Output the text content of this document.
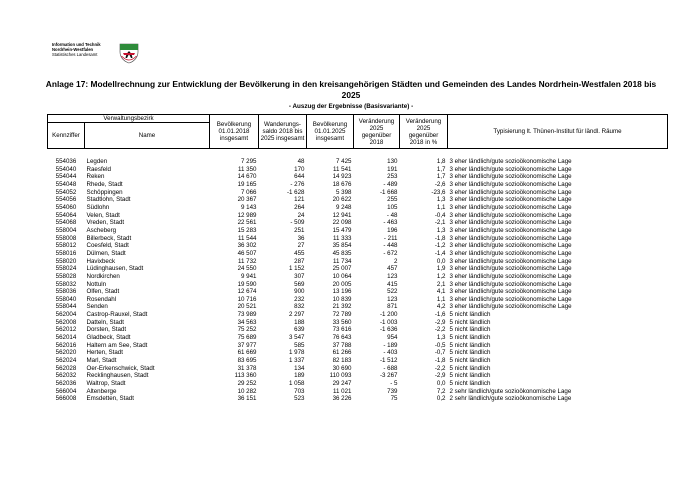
Information und Technik
Nordrhein-Westfalen
Statistisches Landesamt
Anlage 17: Modellrechnung zur Entwicklung der Bevölkerung in den kreisangehörigen Städten und Gemeinden des Landes Nordrhein-Westfalen 2018 bis 2025
- Auszug der Ergebnisse (Basisvariante) -
Verwaltungsbezirk		Bevölkerung 01.01.2018 insgesamt	Wanderungs- saldo 2018 bis 2025 insgesamt	Bevölkerung 01.01.2025 insgesamt	Veränderung 2025 gegenüber 2018	Veränderung 2025 gegenüber 2018 in %	Typisierung lt. Thünen-Institut für ländl. Räume
Kennziffer	Name						

554036	Legden	7 295	48	7 425	130	1,8	3 eher ländlich/gute sozioökonomische Lage
554040	Raesfeld	11 350	170	11 541	191	1,7	3 eher ländlich/gute sozioökonomische Lage
554044	Reken	14 670	644	14 923	253	1,7	3 eher ländlich/gute sozioökonomische Lage
554048	Rhede, Stadt	19 165	- 276	18 676	- 489	-2,6	3 eher ländlich/gute sozioökonomische Lage
554052	Schöppingen	7 066	-1 628	5 398	-1 668	-23,6	3 eher ländlich/gute sozioökonomische Lage
554056	Stadtlohn, Stadt	20 367	121	20 622	255	1,3	3 eher ländlich/gute sozioökonomische Lage
554060	Südlohn	9 143	264	9 248	105	1,1	3 eher ländlich/gute sozioökonomische Lage
554064	Velen, Stadt	12 989	24	12 941	- 48	-0,4	3 eher ländlich/gute sozioökonomische Lage
554068	Vreden, Stadt	22 561	- 509	22 098	- 463	-2,1	3 eher ländlich/gute sozioökonomische Lage
558004	Ascheberg	15 283	251	15 479	196	1,3	3 eher ländlich/gute sozioökonomische Lage
558008	Billerbeck, Stadt	11 544	36	11 333	- 211	-1,8	3 eher ländlich/gute sozioökonomische Lage
558012	Coesfeld, Stadt	36 302	27	35 854	- 448	-1,2	3 eher ländlich/gute sozioökonomische Lage
558016	Dülmen, Stadt	46 507	455	45 835	- 672	-1,4	3 eher ländlich/gute sozioökonomische Lage
558020	Havixbeck	11 732	287	11 734	2	0,0	3 eher ländlich/gute sozioökonomische Lage
558024	Lüdinghausen, Stadt	24 550	1 152	25 007	457	1,9	3 eher ländlich/gute sozioökonomische Lage
558028	Nordkirchen	9 941	307	10 064	123	1,2	3 eher ländlich/gute sozioökonomische Lage
558032	Nottuln	19 590	569	20 005	415	2,1	3 eher ländlich/gute sozioökonomische Lage
558036	Olfen, Stadt	12 674	900	13 196	522	4,1	3 eher ländlich/gute sozioökonomische Lage
558040	Rosendahl	10 716	232	10 839	123	1,1	3 eher ländlich/gute sozioökonomische Lage
558044	Senden	20 521	832	21 392	871	4,2	3 eher ländlich/gute sozioökonomische Lage
562004	Castrop-Rauxel, Stadt	73 989	2 297	72 789	-1 200	-1,6	5 nicht ländlich
562008	Datteln, Stadt	34 563	188	33 560	-1 003	-2,9	5 nicht ländlich
562012	Dorsten, Stadt	75 252	639	73 616	-1 636	-2,2	5 nicht ländlich
562014	Gladbeck, Stadt	75 689	3 547	76 643	954	1,3	5 nicht ländlich
562016	Haltern am See, Stadt	37 977	585	37 788	- 189	-0,5	5 nicht ländlich
562020	Herten, Stadt	61 669	1 978	61 266	- 403	-0,7	5 nicht ländlich
562024	Marl, Stadt	83 695	1 337	82 183	-1 512	-1,8	5 nicht ländlich
562028	Oer-Erkenschwick, Stadt	31 378	134	30 690	- 688	-2,2	5 nicht ländlich
562032	Recklinghausen, Stadt	113 360	189	110 093	-3 267	-2,9	5 nicht ländlich
562036	Waltrop, Stadt	29 252	1 058	29 247	- 5	0,0	5 nicht ländlich
566004	Altenberge	10 282	703	11 021	739	7,2	2 sehr ländlich/gute sozioökonomische Lage
566008	Emsdetten, Stadt	36 151	523	36 226	75	0,2	2 sehr ländlich/gute sozioökonomische Lage
